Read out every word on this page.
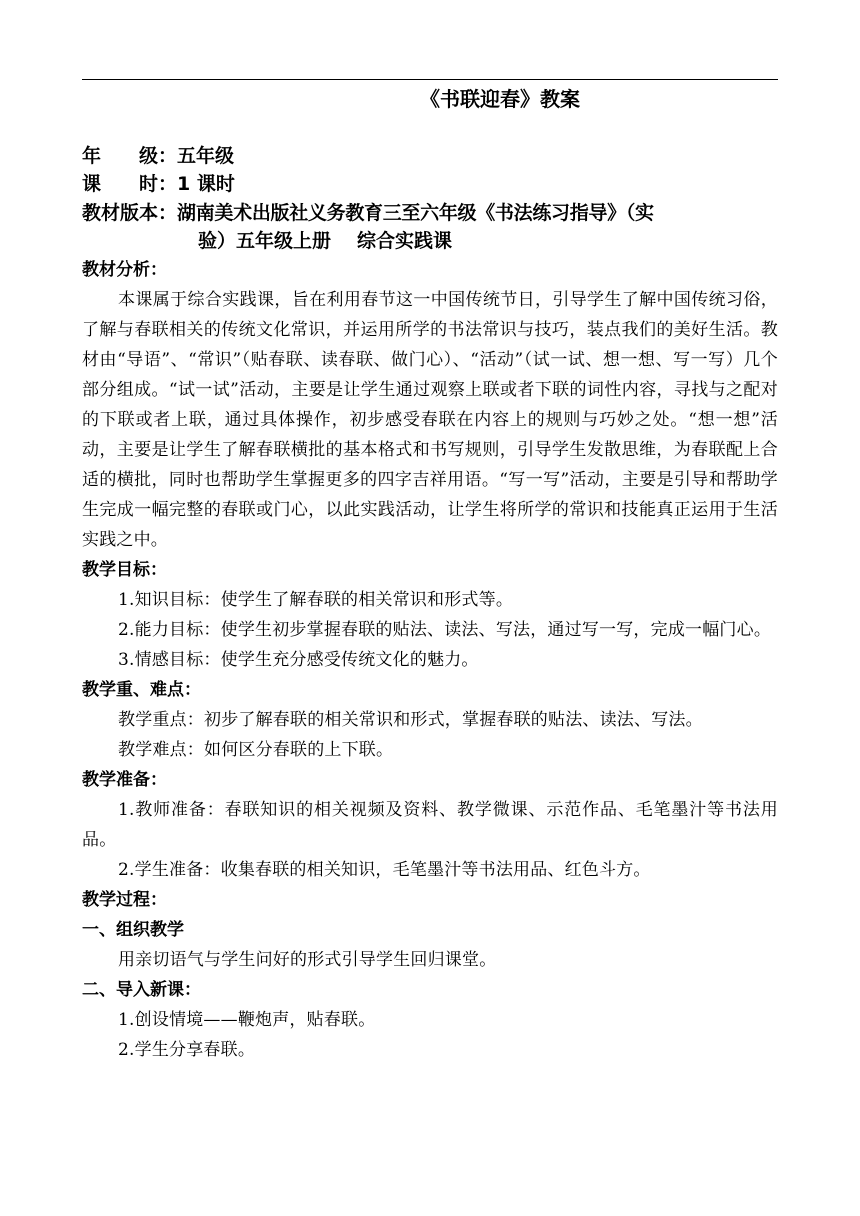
《书联迎春》教案
年　　级：五年级
课　　时：1 课时
教材版本：湖南美术出版社义务教育三至六年级《书法练习指导》（实
验）五年级上册 综合实践课

教材分析：

本课属于综合实践课，旨在利用春节这一中国传统节日，引导学生了解中国传统习俗，了解与春联相关的传统文化常识，并运用所学的书法常识与技巧，装点我们的美好生活。教材由“导语”、“常识”（贴春联、读春联、做门心）、“活动”（试一试、想一想、写一写）几个部分组成。“试一试”活动，主要是让学生通过观察上联或者下联的词性内容，寻找与之配对的下联或者上联，通过具体操作，初步感受春联在内容上的规则与巧妙之处。“想一想”活动，主要是让学生了解春联横批的基本格式和书写规则，引导学生发散思维，为春联配上合适的横批，同时也帮助学生掌握更多的四字吉祥用语。“写一写”活动，主要是引导和帮助学生完成一幅完整的春联或门心，以此实践活动，让学生将所学的常识和技能真正运用于生活实践之中。

教学目标：

1.知识目标：使学生了解春联的相关常识和形式等。

2.能力目标：使学生初步掌握春联的贴法、读法、写法，通过写一写，完成一幅门心。

3.情感目标：使学生充分感受传统文化的魅力。

教学重、难点：

教学重点：初步了解春联的相关常识和形式，掌握春联的贴法、读法、写法。

教学难点：如何区分春联的上下联。

教学准备：

1.教师准备：春联知识的相关视频及资料、教学微课、示范作品、毛笔墨汁等书法用品。

2.学生准备：收集春联的相关知识，毛笔墨汁等书法用品、红色斗方。

教学过程：

一、组织教学

用亲切语气与学生问好的形式引导学生回归课堂。

二、导入新课：

1.创设情境——鞭炮声，贴春联。

2.学生分享春联。
